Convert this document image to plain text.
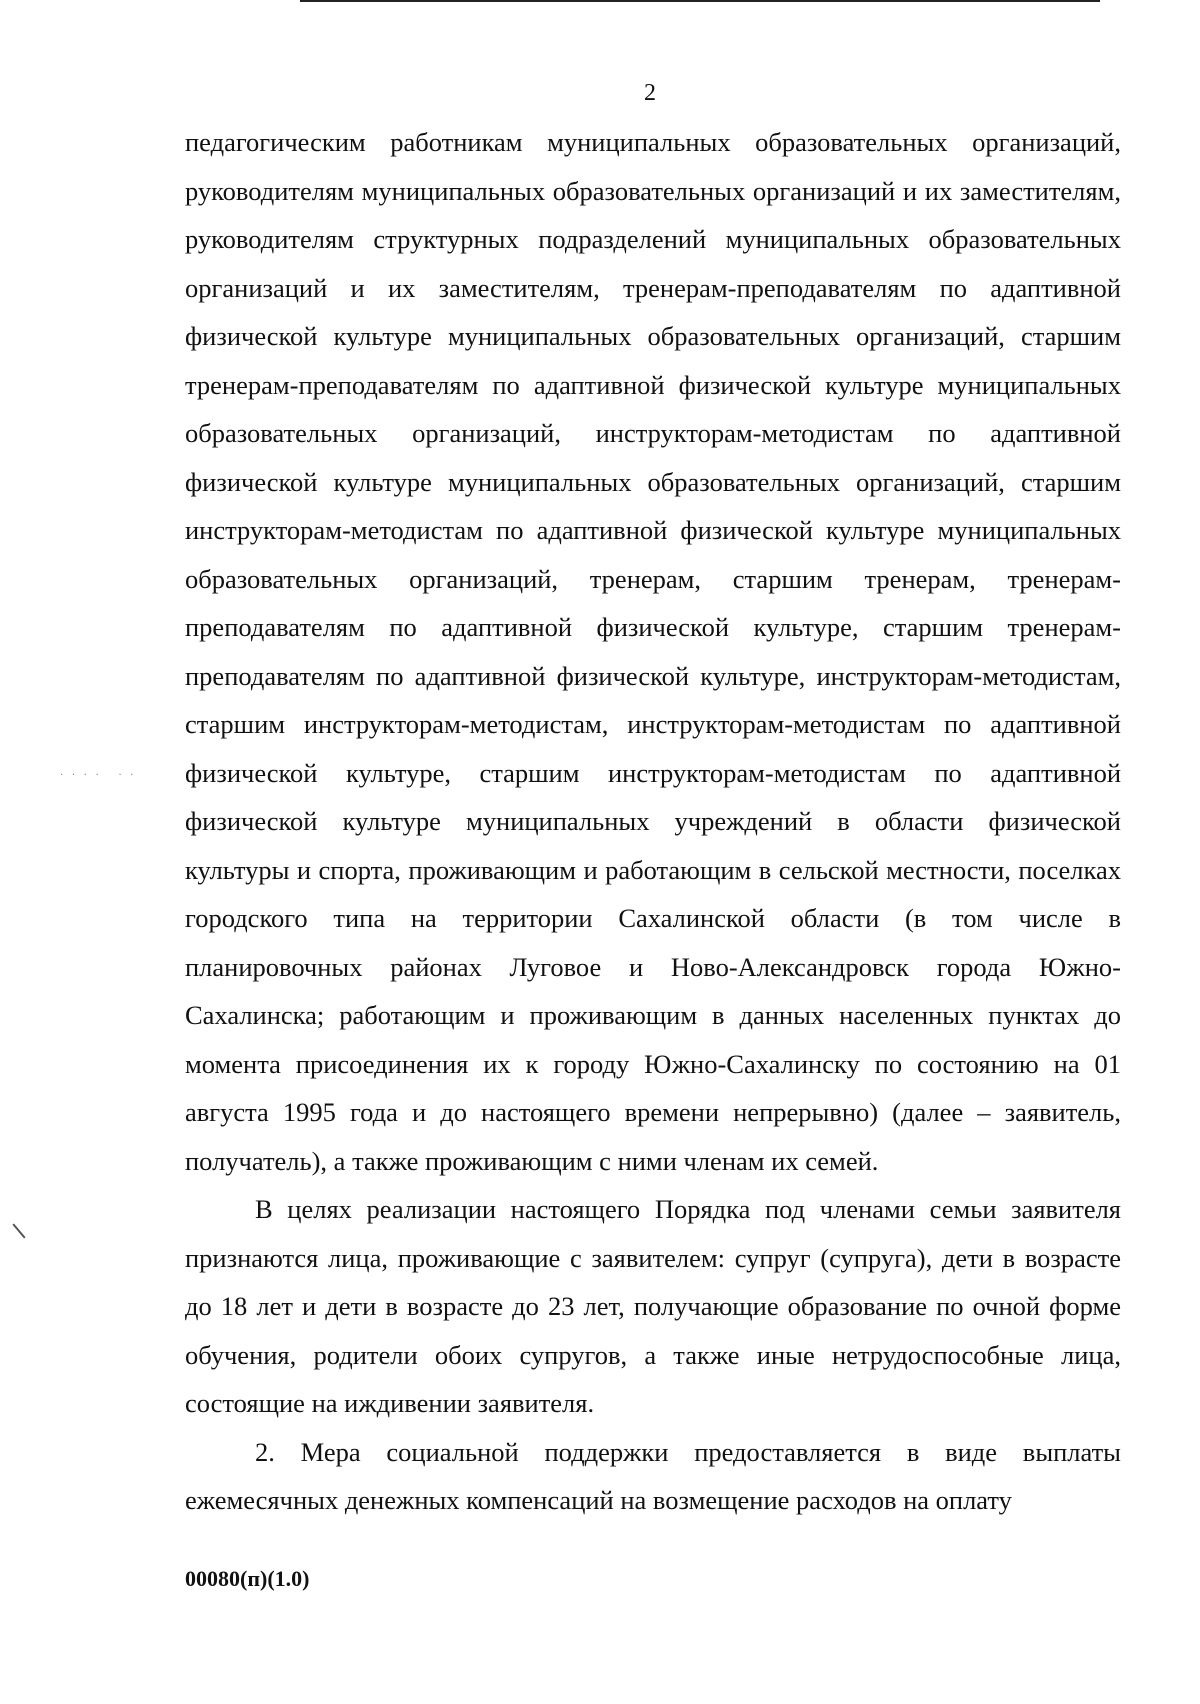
2

педагогическим работникам муниципальных образовательных организаций, руководителям муниципальных образовательных организаций и их заместителям, руководителям структурных подразделений муниципальных образовательных организаций и их заместителям, тренерам-преподавателям по адаптивной физической культуре муниципальных образовательных организаций, старшим тренерам-преподавателям по адаптивной физической культуре муниципальных образовательных организаций, инструкторам-методистам по адаптивной физической культуре муниципальных образовательных организаций, старшим инструкторам-методистам по адаптивной физической культуре муниципальных образовательных организаций, тренерам, старшим тренерам, тренерам-преподавателям по адаптивной физической культуре, старшим тренерам-преподавателям по адаптивной физической культуре, инструкторам-методистам, старшим инструкторам-методистам, инструкторам-методистам по адаптивной физической культуре, старшим инструкторам-методистам по адаптивной физической культуре муниципальных учреждений в области физической культуры и спорта, проживающим и работающим в сельской местности, поселках городского типа на территории Сахалинской области (в том числе в планировочных районах Луговое и Ново-Александровск города Южно-Сахалинска; работающим и проживающим в данных населенных пунктах до момента присоединения их к городу Южно-Сахалинску по состоянию на 01 августа 1995 года и до настоящего времени непрерывно) (далее – заявитель, получатель), а также проживающим с ними членам их семей.

В целях реализации настоящего Порядка под членами семьи заявителя признаются лица, проживающие с заявителем: супруг (супруга), дети в возрасте до 18 лет и дети в возрасте до 23 лет, получающие образование по очной форме обучения, родители обоих супругов, а также иные нетрудоспособные лица, состоящие на иждивении заявителя.

2. Мера социальной поддержки предоставляется в виде выплаты ежемесячных денежных компенсаций на возмещение расходов на оплату

00080(п)(1.0)
· · · ·   · ·
